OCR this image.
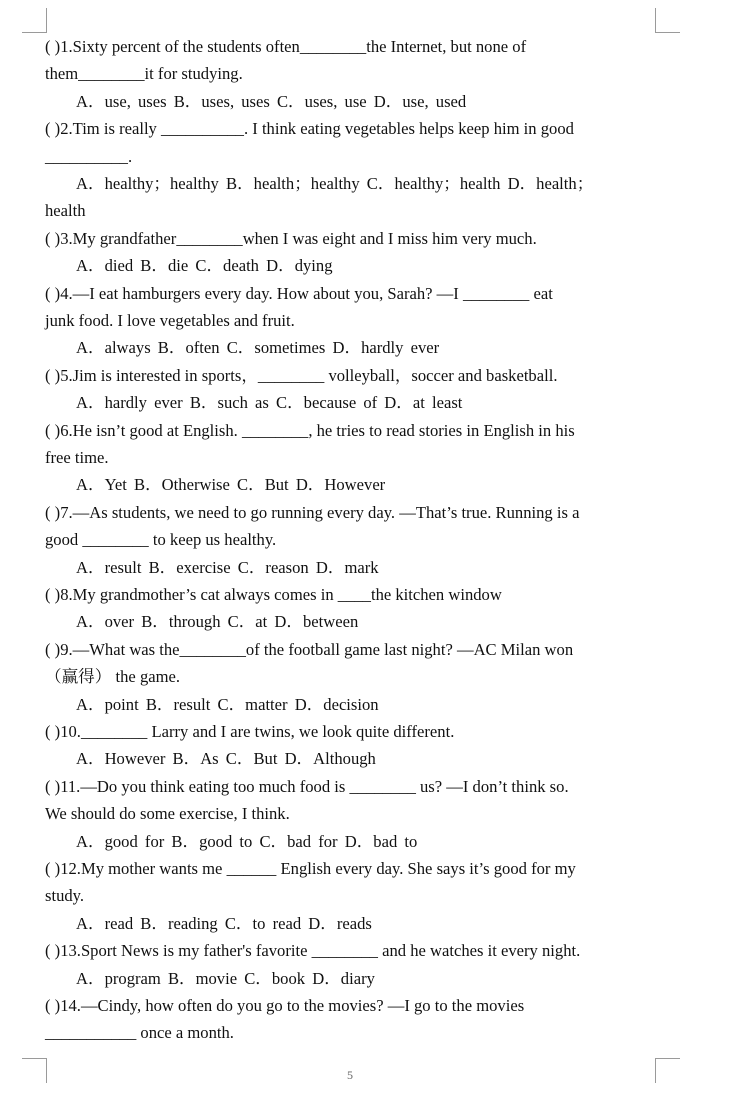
( )1.Sixty percent of the students often________the Internet, but none of
them________it for studying.
A．use, uses B．uses, uses C．uses, use D．use, used
( )2.Tim is really __________. I think eating vegetables helps keep him in good
__________.
A．healthy；healthy B．health；healthy C．healthy；health D．health；
health
( )3.My grandfather________when I was eight and I miss him very much.
A．died B．die C．death D．dying
( )4.—I eat hamburgers every day. How about you, Sarah? —I ________ eat
junk food. I love vegetables and fruit.
A．always B．often C．sometimes D．hardly ever
( )5.Jim is interested in sports，________ volleyball，soccer and basketball.
A．hardly ever B．such as C．because of D．at least
( )6.He isn’t good at English. ________, he tries to read stories in English in his
free time.
A．Yet B．Otherwise C．But D．However
( )7.—As students, we need to go running every day. —That’s true. Running is a
good ________ to keep us healthy.
A．result B．exercise C．reason D．mark
( )8.My grandmother’s cat always comes in ____the kitchen window
A．over B．through C．at D．between
( )9.—What was the________of the football game last night? —AC Milan won
（赢得） the game.
A．point B．result C．matter D．decision
( )10.________ Larry and I are twins, we look quite different.
A．However B．As C．But D．Although
( )11.—Do you think eating too much food is ________ us? —I don’t think so.
We should do some exercise, I think.
A．good for B．good to C．bad for D．bad to
( )12.My mother wants me ______ English every day. She says it’s good for my
study.
A．read B．reading C．to read D．reads
( )13.Sport News is my father's favorite ________ and he watches it every night.
A．program B．movie C．book D．diary
( )14.—Cindy, how often do you go to the movies? —I go to the movies
___________ once a month.
5
